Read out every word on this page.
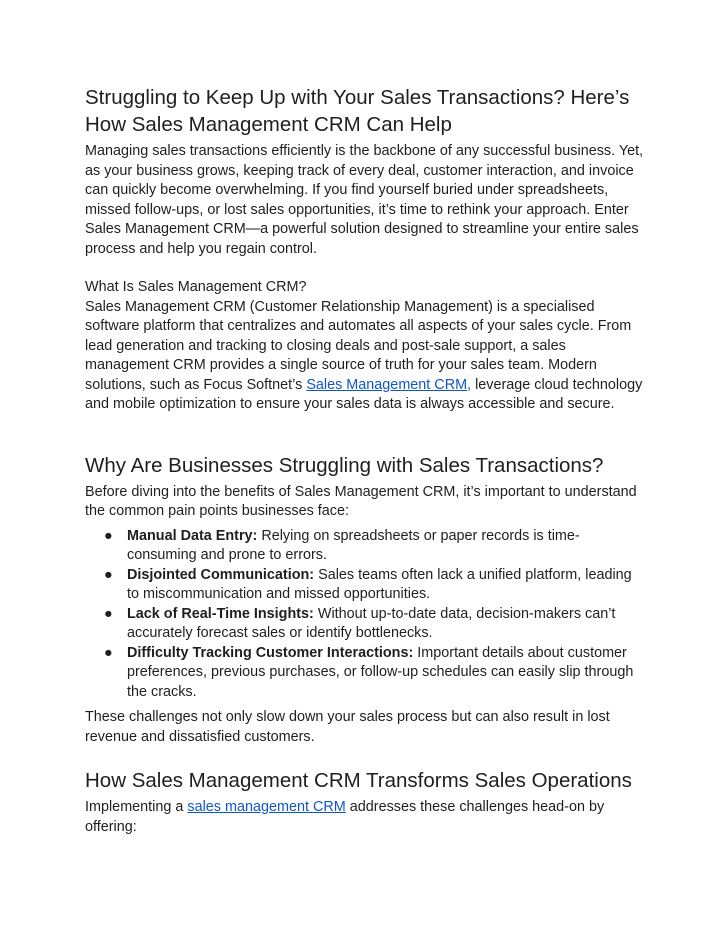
Struggling to Keep Up with Your Sales Transactions? Here’s How Sales Management CRM Can Help

Managing sales transactions efficiently is the backbone of any successful business. Yet, as your business grows, keeping track of every deal, customer interaction, and invoice can quickly become overwhelming. If you find yourself buried under spreadsheets, missed follow-ups, or lost sales opportunities, it’s time to rethink your approach. Enter Sales Management CRM—a powerful solution designed to streamline your entire sales process and help you regain control.

What Is Sales Management CRM?

Sales Management CRM (Customer Relationship Management) is a specialised software platform that centralizes and automates all aspects of your sales cycle. From lead generation and tracking to closing deals and post-sale support, a sales management CRM provides a single source of truth for your sales team. Modern solutions, such as Focus Softnet’s Sales Management CRM, leverage cloud technology and mobile optimization to ensure your sales data is always accessible and secure.

Why Are Businesses Struggling with Sales Transactions?

Before diving into the benefits of Sales Management CRM, it’s important to understand the common pain points businesses face:

● Manual Data Entry: Relying on spreadsheets or paper records is time-consuming and prone to errors.
● Disjointed Communication: Sales teams often lack a unified platform, leading to miscommunication and missed opportunities.
● Lack of Real-Time Insights: Without up-to-date data, decision-makers can’t accurately forecast sales or identify bottlenecks.
● Difficulty Tracking Customer Interactions: Important details about customer preferences, previous purchases, or follow-up schedules can easily slip through the cracks.

These challenges not only slow down your sales process but can also result in lost revenue and dissatisfied customers.

How Sales Management CRM Transforms Sales Operations

Implementing a sales management CRM addresses these challenges head-on by offering:
